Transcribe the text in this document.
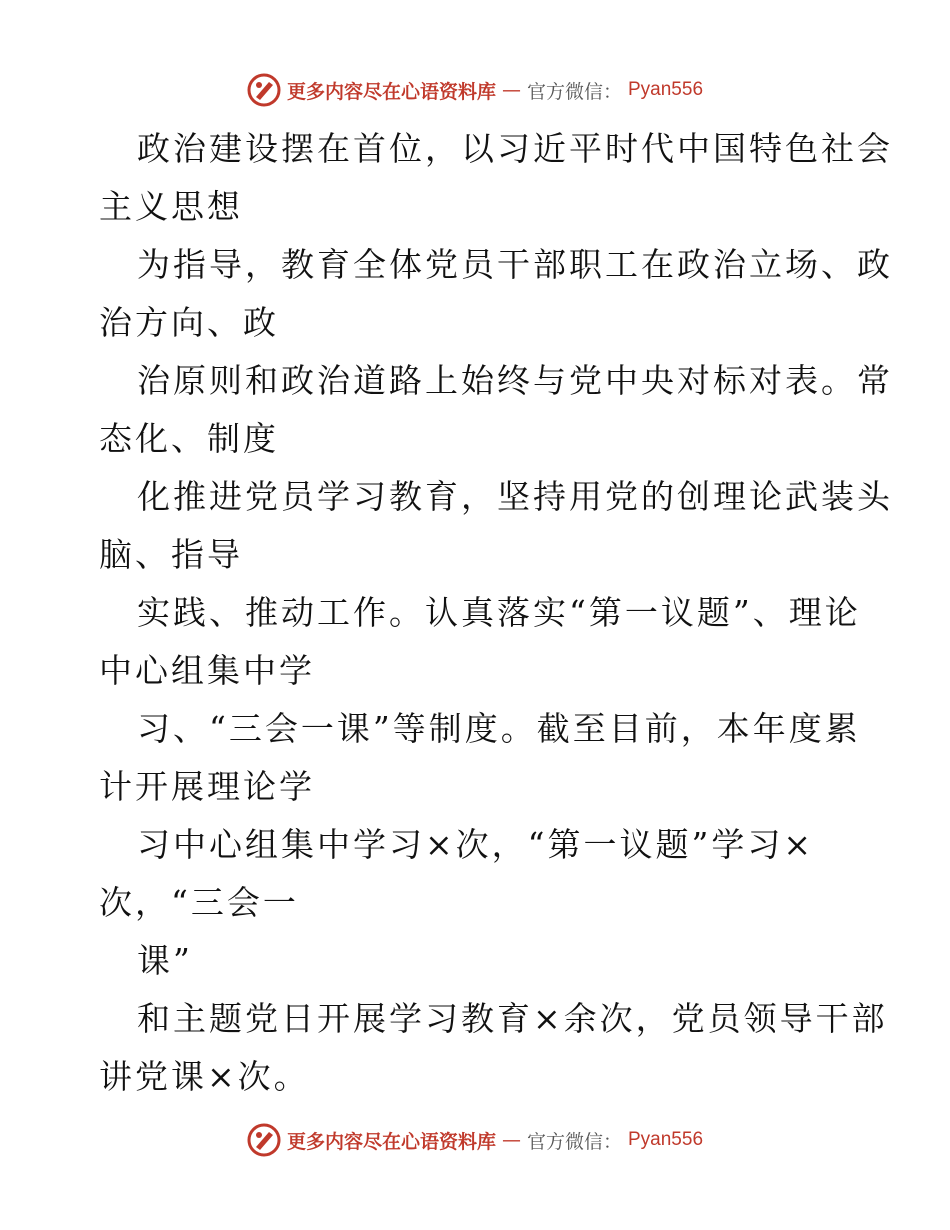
更多内容尽在心语资料库 — 官方微信： Pyan556
政治建设摆在首位，以习近平时代中国特色社会
主义思想
为指导，教育全体党员干部职工在政治立场、政
治方向、政
治原则和政治道路上始终与党中央对标对表。常
态化、制度
化推进党员学习教育，坚持用党的创理论武装头
脑、指导
实践、推动工作。认真落实“第一议题”、理论
中心组集中学
习、“三会一课”等制度。截至目前，本年度累
计开展理论学
习中心组集中学习×次，“第一议题”学习×
次，“三会一
课”
和主题党日开展学习教育×余次，党员领导干部
讲党课×次。
更多内容尽在心语资料库 — 官方微信： Pyan556
